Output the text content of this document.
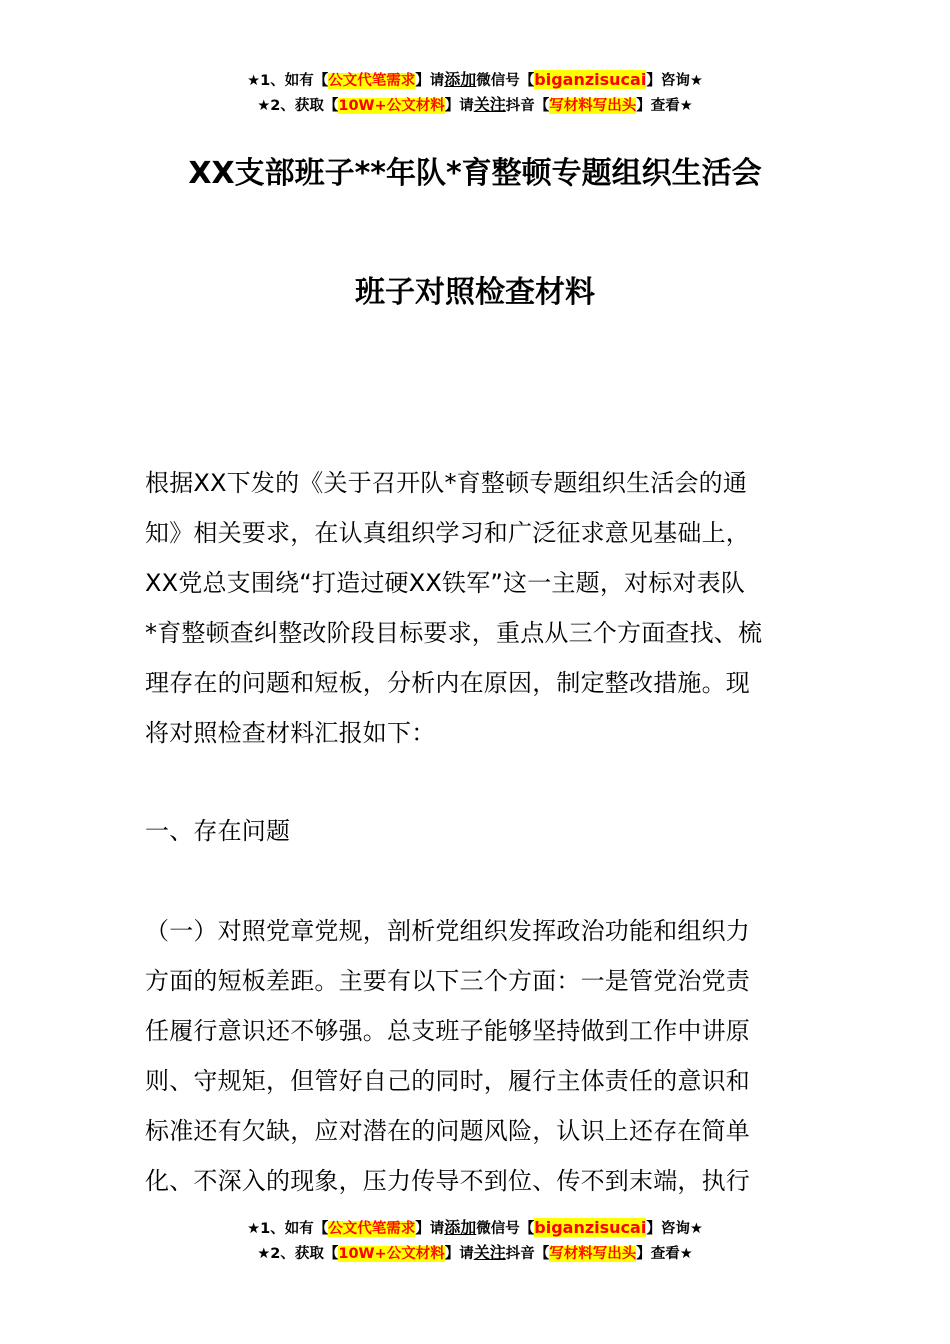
★1、如有【公文代笔需求】请添加微信号【biganzisucai】咨询★
★2、获取【10W+公文材料】请关注抖音【写材料写出头】查看★
XX支部班子**年队*育整顿专题组织生活会
班子对照检查材料
根据XX下发的《关于召开队*育整顿专题组织生活会的通
知》相关要求，在认真组织学习和广泛征求意见基础上，
XX党总支围绕“打造过硬XX铁军”这一主题，对标对表队
*育整顿查纠整改阶段目标要求，重点从三个方面查找、梳
理存在的问题和短板，分析内在原因，制定整改措施。现
将对照检查材料汇报如下：
一、存在问题
（一）对照党章党规，剖析党组织发挥政治功能和组织力
方面的短板差距。主要有以下三个方面：一是管党治党责
任履行意识还不够强。总支班子能够坚持做到工作中讲原
则、守规矩，但管好自己的同时，履行主体责任的意识和
标准还有欠缺，应对潜在的问题风险，认识上还存在简单
化、不深入的现象，压力传导不到位、传不到末端，执行
★1、如有【公文代笔需求】请添加微信号【biganzisucai】咨询★
★2、获取【10W+公文材料】请关注抖音【写材料写出头】查看★
